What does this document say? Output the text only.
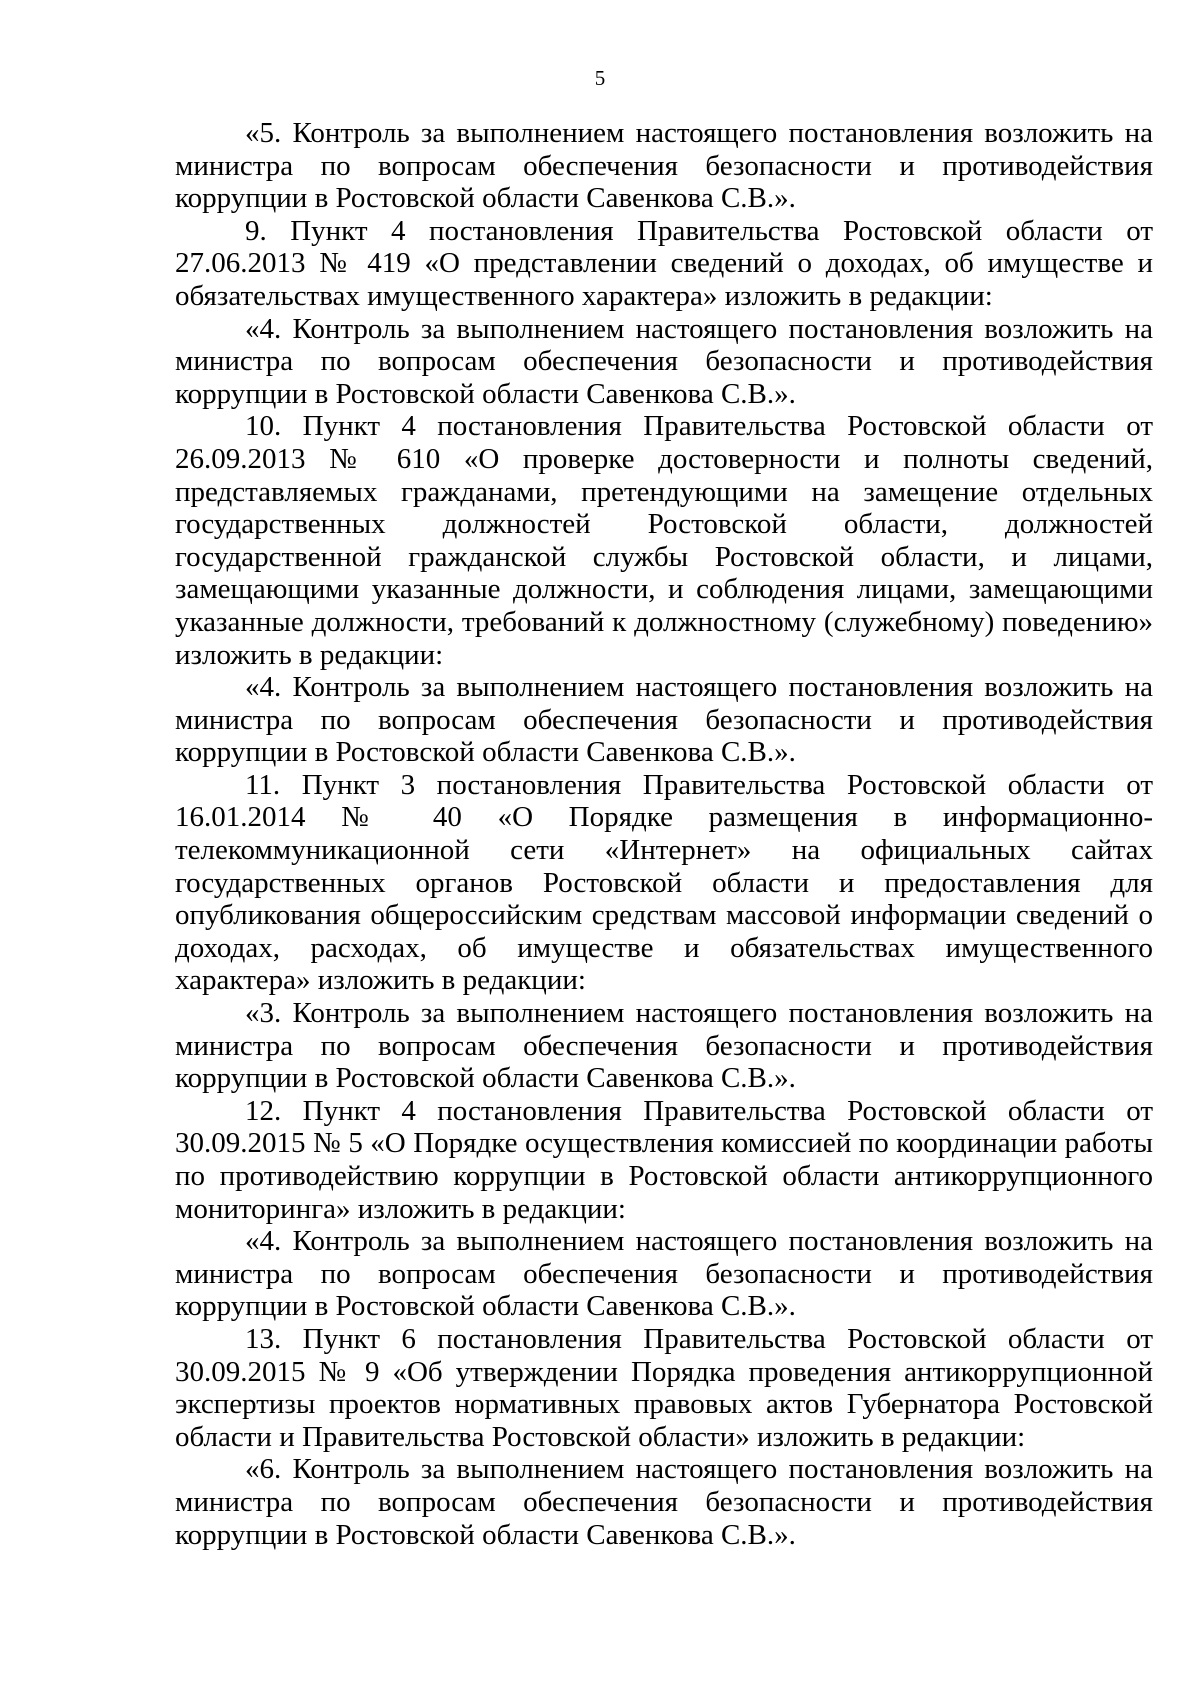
5

«5. Контроль за выполнением настоящего постановления возложить на министра по вопросам обеспечения безопасности и противодействия коррупции в Ростовской области Савенкова С.В.».

9. Пункт 4 постановления Правительства Ростовской области от 27.06.2013 № 419 «О представлении сведений о доходах, об имуществе и обязательствах имущественного характера» изложить в редакции:

«4. Контроль за выполнением настоящего постановления возложить на министра по вопросам обеспечения безопасности и противодействия коррупции в Ростовской области Савенкова С.В.».

10. Пункт 4 постановления Правительства Ростовской области от 26.09.2013 № 610 «О проверке достоверности и полноты сведений, представляемых гражданами, претендующими на замещение отдельных государственных должностей Ростовской области, должностей государственной гражданской службы Ростовской области, и лицами, замещающими указанные должности, и соблюдения лицами, замещающими указанные должности, требований к должностному (служебному) поведению» изложить в редакции:

«4. Контроль за выполнением настоящего постановления возложить на министра по вопросам обеспечения безопасности и противодействия коррупции в Ростовской области Савенкова С.В.».

11. Пункт 3 постановления Правительства Ростовской области от 16.01.2014 № 40 «О Порядке размещения в информационно-телекоммуникационной сети «Интернет» на официальных сайтах государственных органов Ростовской области и предоставления для опубликования общероссийским средствам массовой информации сведений о доходах, расходах, об имуществе и обязательствах имущественного характера» изложить в редакции:

«3. Контроль за выполнением настоящего постановления возложить на министра по вопросам обеспечения безопасности и противодействия коррупции в Ростовской области Савенкова С.В.».

12. Пункт 4 постановления Правительства Ростовской области от 30.09.2015 № 5 «О Порядке осуществления комиссией по координации работы по противодействию коррупции в Ростовской области антикоррупционного мониторинга» изложить в редакции:

«4. Контроль за выполнением настоящего постановления возложить на министра по вопросам обеспечения безопасности и противодействия коррупции в Ростовской области Савенкова С.В.».

13. Пункт 6 постановления Правительства Ростовской области от 30.09.2015 № 9 «Об утверждении Порядка проведения антикоррупционной экспертизы проектов нормативных правовых актов Губернатора Ростовской области и Правительства Ростовской области» изложить в редакции:

«6. Контроль за выполнением настоящего постановления возложить на министра по вопросам обеспечения безопасности и противодействия коррупции в Ростовской области Савенкова С.В.».
